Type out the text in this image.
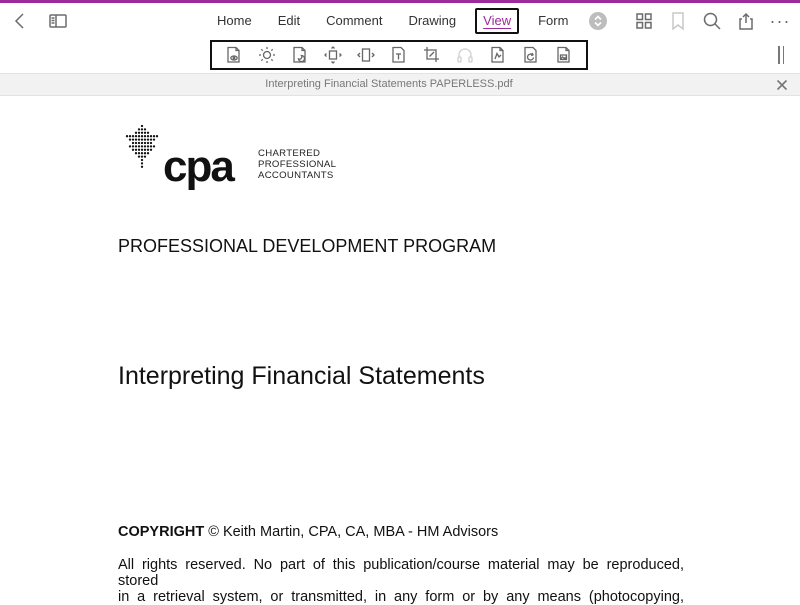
Home	Edit	Comment	Drawing	View	Form	···
Interpreting Financial Statements PAPERLESS.pdf
cpa	CHARTERED
PROFESSIONAL
ACCOUNTANTS
PROFESSIONAL DEVELOPMENT PROGRAM
Interpreting Financial Statements
COPYRIGHT © Keith Martin, CPA, CA, MBA - HM Advisors
All rights reserved. No part of this publication/course material may be reproduced, stored
in a retrieval system, or transmitted, in any form or by any means (photocopying,
